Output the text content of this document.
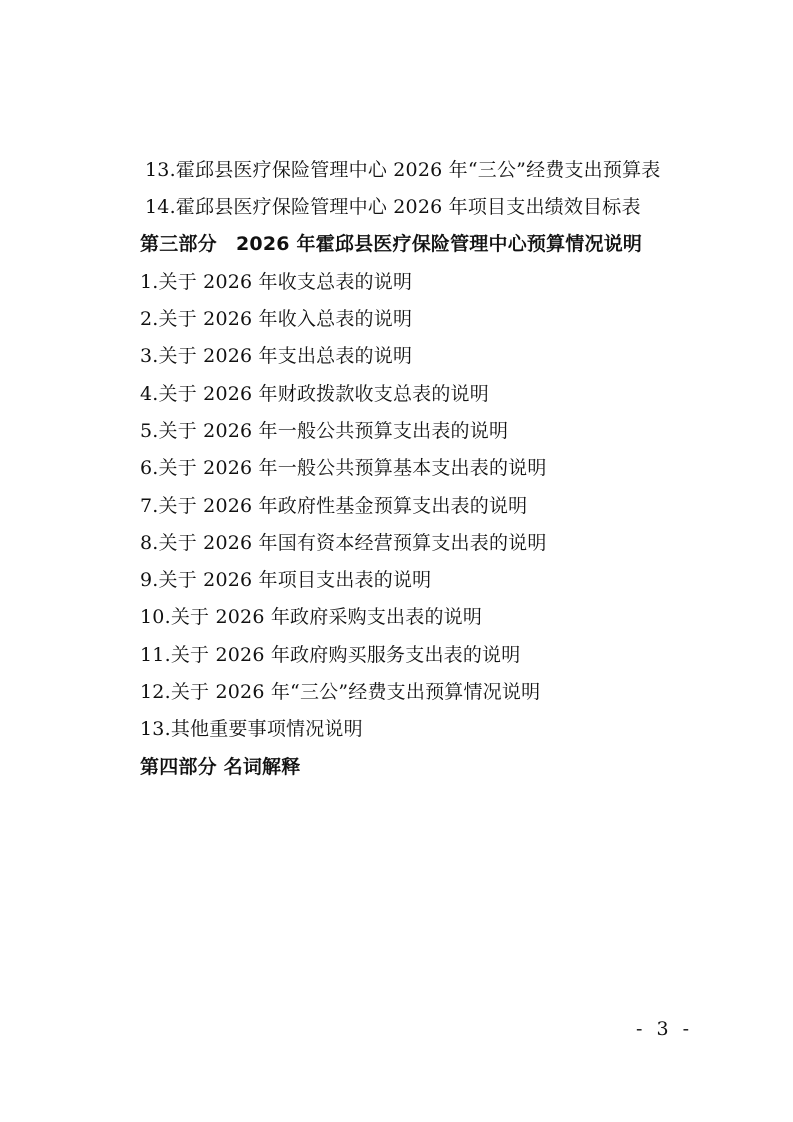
13.霍邱县医疗保险管理中心 2026 年“三公”经费支出预算表
14.霍邱县医疗保险管理中心 2026 年项目支出绩效目标表
第三部分　2026 年霍邱县医疗保险管理中心预算情况说明
1.关于 2026 年收支总表的说明
2.关于 2026 年收入总表的说明
3.关于 2026 年支出总表的说明
4.关于 2026 年财政拨款收支总表的说明
5.关于 2026 年一般公共预算支出表的说明
6.关于 2026 年一般公共预算基本支出表的说明
7.关于 2026 年政府性基金预算支出表的说明
8.关于 2026 年国有资本经营预算支出表的说明
9.关于 2026 年项目支出表的说明
10.关于 2026 年政府采购支出表的说明
11.关于 2026 年政府购买服务支出表的说明
12.关于 2026 年“三公”经费支出预算情况说明
13.其他重要事项情况说明
第四部分 名词解释
- 3 -
